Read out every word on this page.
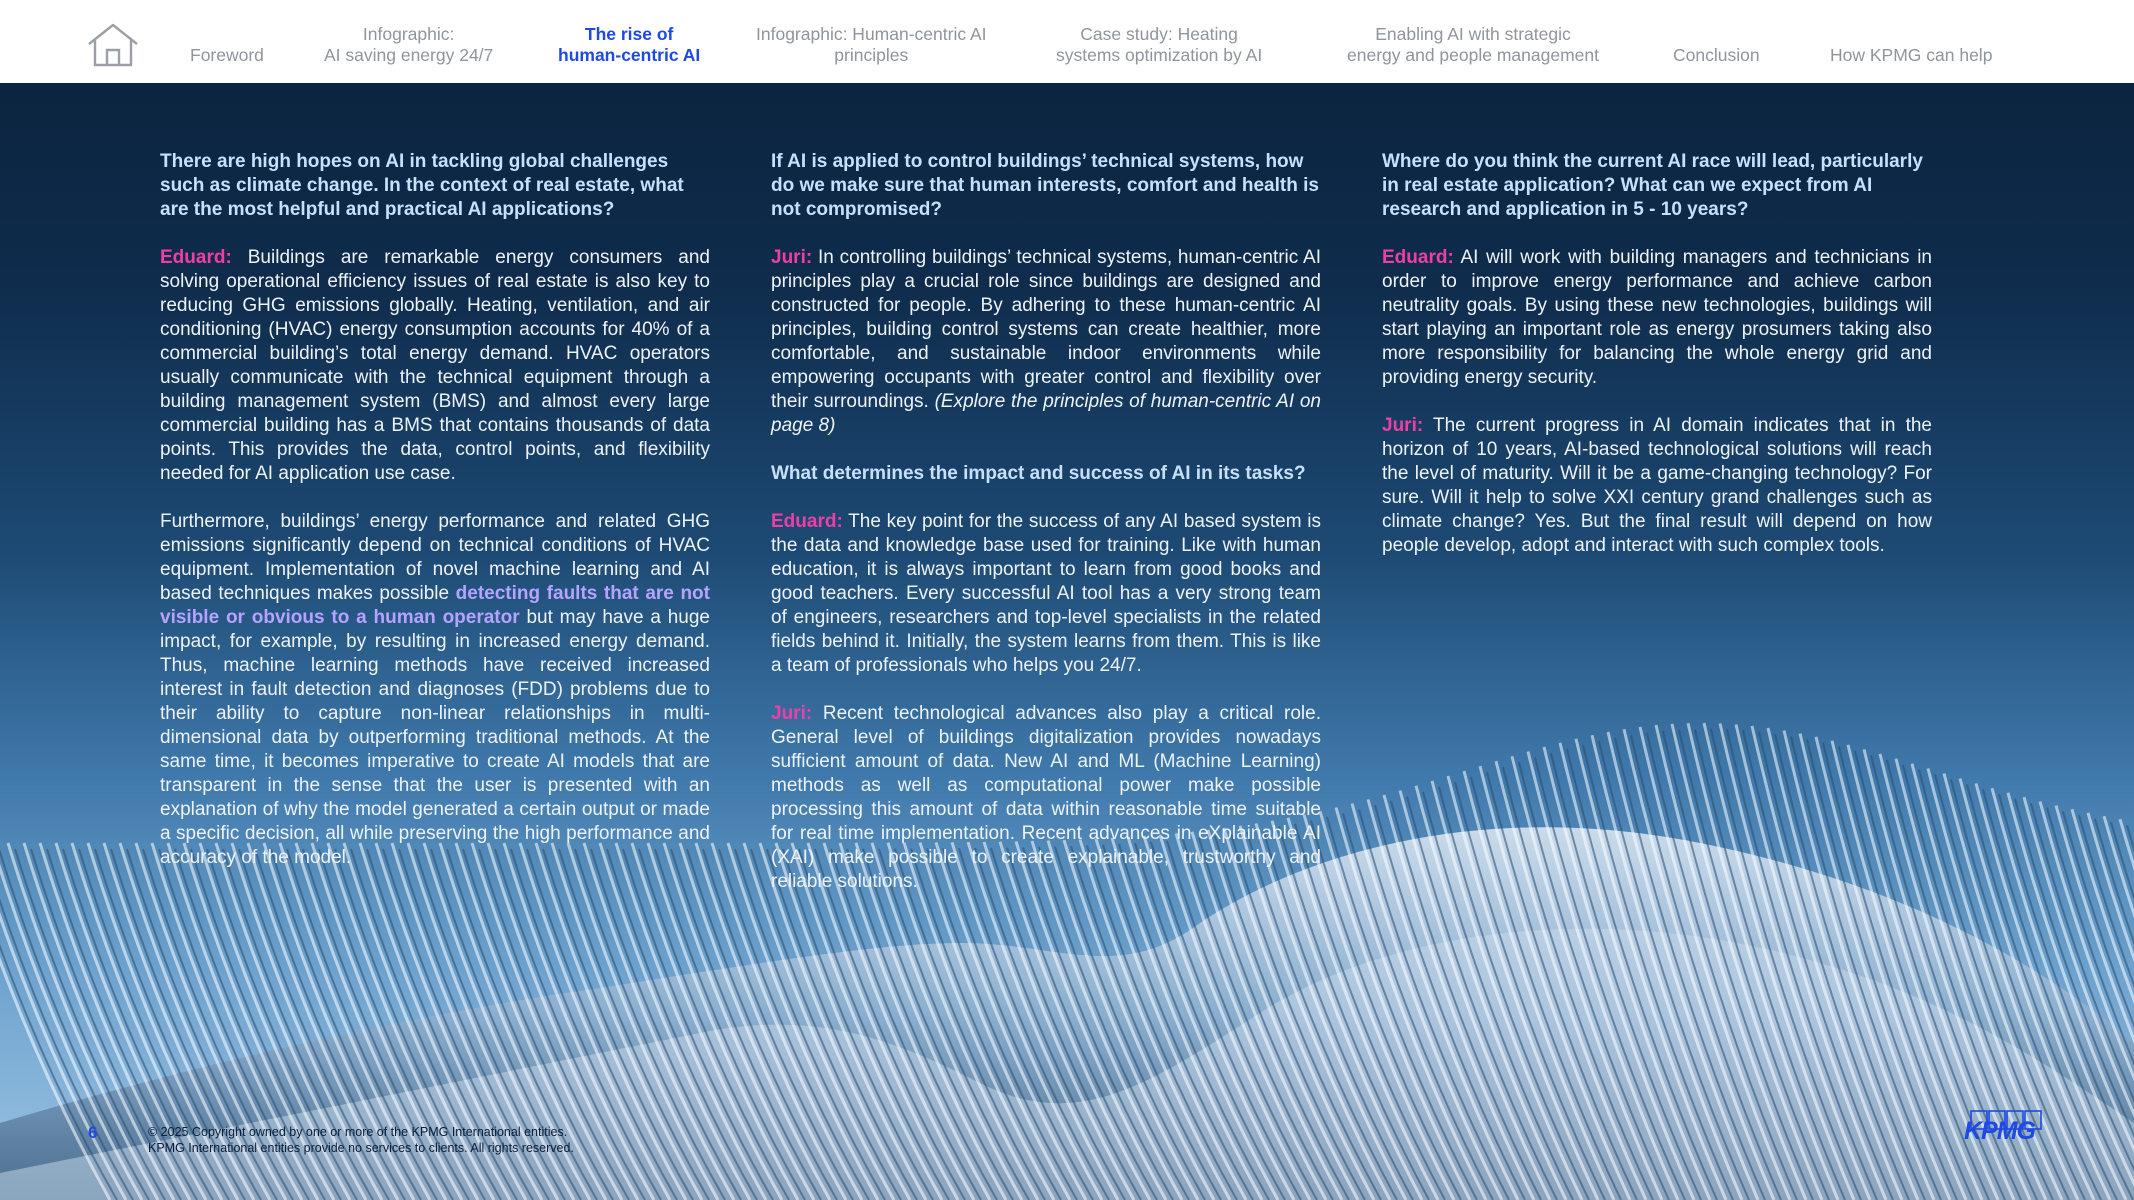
Foreword
Infographic:
AI saving energy 24/7
The rise of
human-centric AI
Infographic: Human-centric AI
principles
Case study: Heating
systems optimization by AI
Enabling AI with strategic
energy and people management	Conclusion	How KPMG can help

There are high hopes on AI in tackling global challenges such as climate change. In the context of real estate, what are the most helpful and practical AI applications?

Eduard: Buildings are remarkable energy consumers and solving operational efficiency issues of real estate is also key to reducing GHG emissions globally. Heating, ventilation, and air conditioning (HVAC) energy consumption accounts for 40% of a commercial building’s total energy demand. HVAC operators usually communicate with the technical equipment through a building management system (BMS) and almost every large commercial building has a BMS that contains thousands of data points. This provides the data, control points, and flexibility needed for AI application use case.

Furthermore, buildings’ energy performance and related GHG emissions significantly depend on technical conditions of HVAC equipment. Implementation of novel machine learning and AI based techniques makes possible detecting faults that are not visible or obvious to a human operator but may have a huge impact, for example, by resulting in increased energy demand. Thus, machine learning methods have received increased interest in fault detection and diagnoses (FDD) problems due to their ability to capture non-linear relationships in multi-dimensional data by outperforming traditional methods. At the same time, it becomes imperative to create AI models that are transparent in the sense that the user is presented with an explanation of why the model generated a certain output or made a specific decision, all while preserving the high performance and accuracy of the model.

If AI is applied to control buildings’ technical systems, how do we make sure that human interests, comfort and health is not compromised?

Juri: In controlling buildings’ technical systems, human-centric AI principles play a crucial role since buildings are designed and constructed for people. By adhering to these human-centric AI principles, building control systems can create healthier, more comfortable, and sustainable indoor environments while empowering occupants with greater control and flexibility over their surroundings. (Explore the principles of human-centric AI on page 8)

What determines the impact and success of AI in its tasks?

Eduard: The key point for the success of any AI based system is the data and knowledge base used for training. Like with human education, it is always important to learn from good books and good teachers. Every successful AI tool has a very strong team of engineers, researchers and top-level specialists in the related fields behind it. Initially, the system learns from them. This is like a team of professionals who helps you 24/7.

Juri: Recent technological advances also play a critical role. General level of buildings digitalization provides nowadays sufficient amount of data. New AI and ML (Machine Learning) methods as well as computational power make possible processing this amount of data within reasonable time suitable for real time implementation. Recent advances in eXplainable AI (XAI) make possible to create explainable, trustworthy and reliable solutions.

Where do you think the current AI race will lead, particularly in real estate application? What can we expect from AI research and application in 5 - 10 years?

Eduard: AI will work with building managers and technicians in order to improve energy performance and achieve carbon neutrality goals. By using these new technologies, buildings will start playing an important role as energy prosumers taking also more responsibility for balancing the whole energy grid and providing energy security.

Juri: The current progress in AI domain indicates that in the horizon of 10 years, AI-based technological solutions will reach the level of maturity. Will it be a game-changing technology? For sure. Will it help to solve XXI century grand challenges such as climate change? Yes. But the final result will depend on how people develop, adopt and interact with such complex tools.

6	© 2025 Copyright owned by one or more of the KPMG International entities.
KPMG International entities provide no services to clients. All rights reserved.
KPMG
